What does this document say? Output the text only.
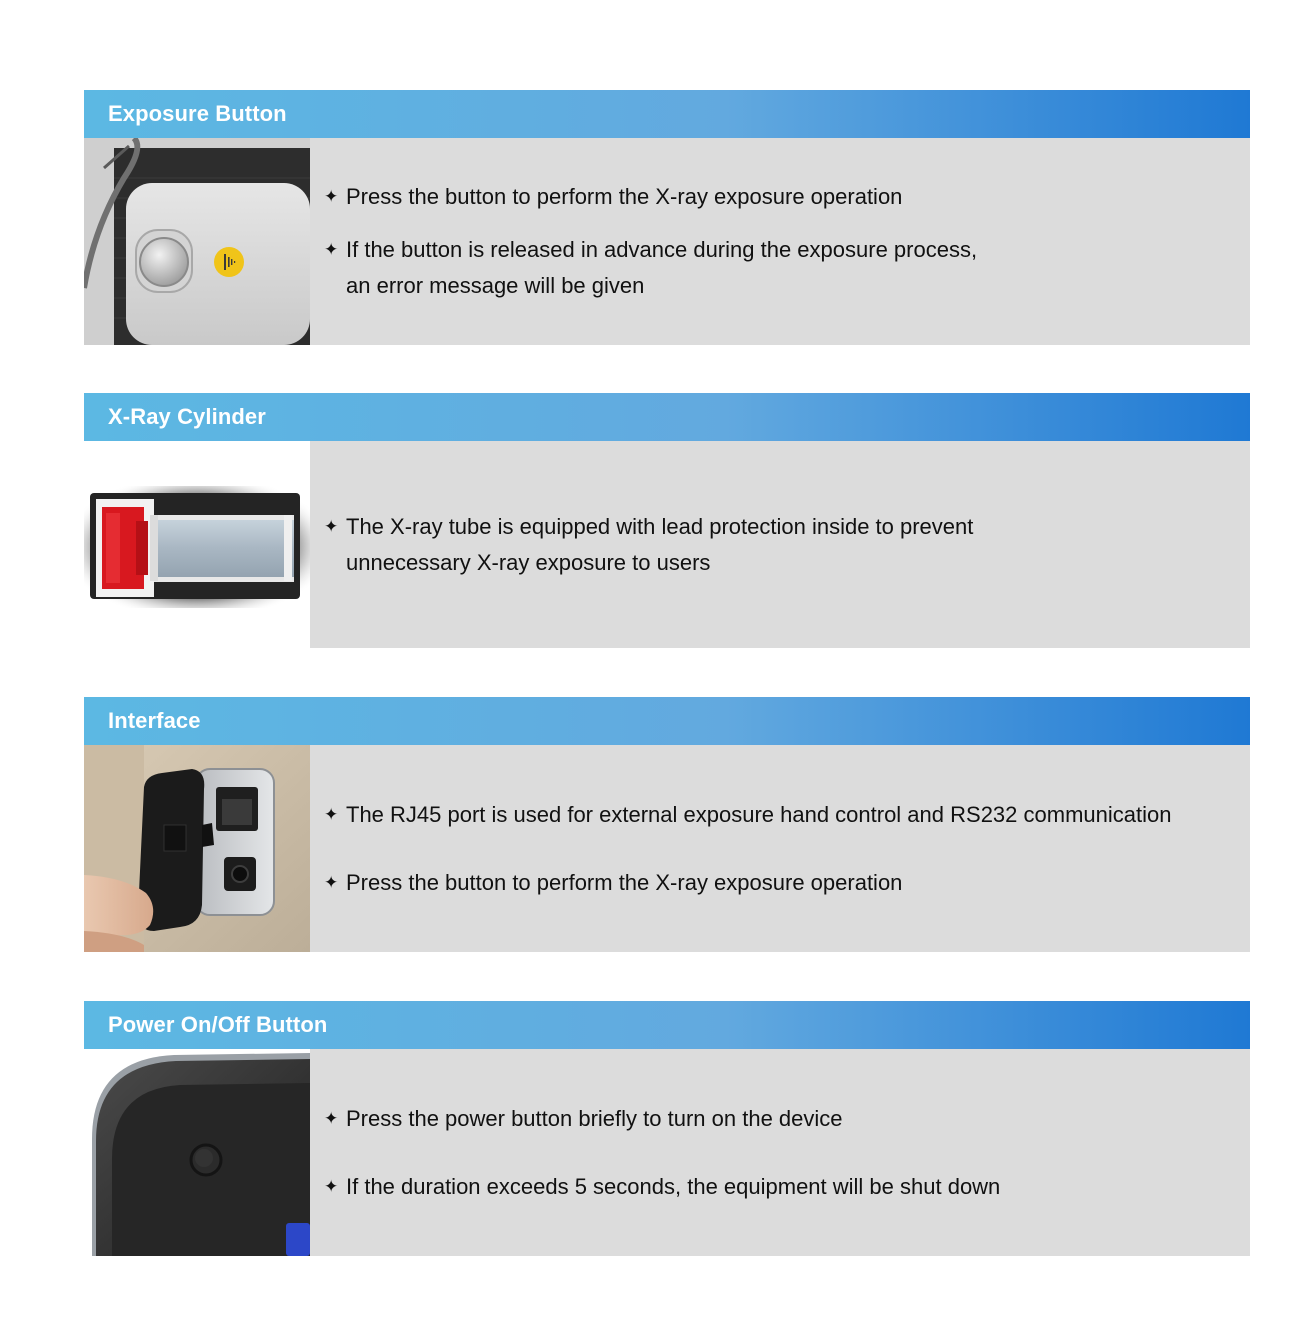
Exposure Button
✦ Press the button to perform the X-ray exposure operation
✦ If the button is released in advance during the exposure process,
an error message will be given
X-Ray Cylinder
✦ The X-ray tube is equipped with lead protection inside to prevent
unnecessary X-ray exposure to users
Interface
✦ The RJ45 port is used for external exposure hand control and RS232 communication
✦ Press the button to perform the X-ray exposure operation
Power On/Off Button
✦ Press the power button briefly to turn on the device
✦ If the duration exceeds 5 seconds, the equipment will be shut down
